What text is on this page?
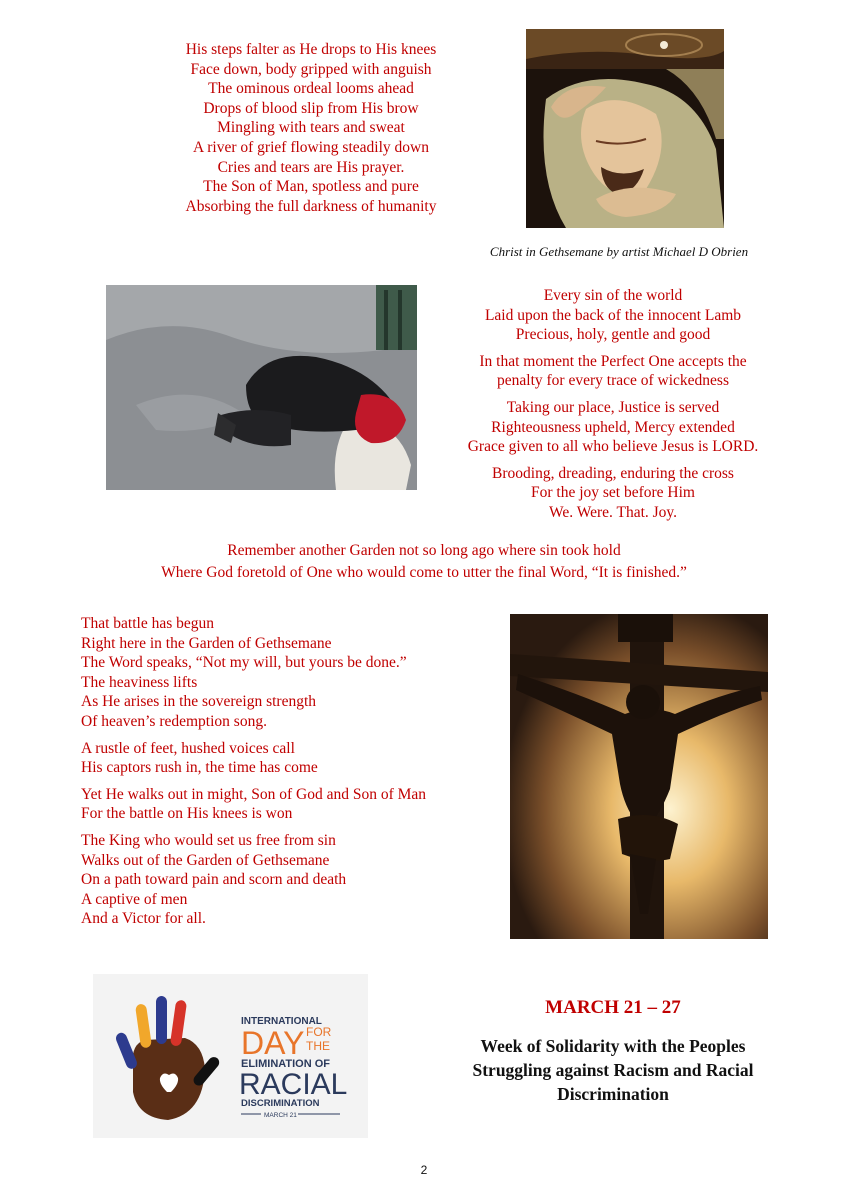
His steps falter as He drops to His knees

Face down, body gripped with anguish

The ominous ordeal looms ahead

Drops of blood slip from His brow

Mingling with tears and sweat

A river of grief flowing steadily down

Cries and tears are His prayer.

The Son of Man, spotless and pure

Absorbing the full darkness of humanity

Christ in Gethsemane by artist Michael D Obrien

Every sin of the world

Laid upon the back of the innocent Lamb

Precious, holy, gentle and good

In that moment the Perfect One accepts the

penalty for every trace of wickedness

Taking our place, Justice is served

Righteousness upheld, Mercy extended

Grace given to all who believe Jesus is LORD.

Brooding, dreading, enduring the cross

For the joy set before Him

We. Were. That. Joy.

Remember another Garden not so long ago where sin took hold

Where God foretold of One who would come to utter the final Word, “It is finished.”

That battle has begun

Right here in the Garden of Gethsemane

The Word speaks, “Not my will, but yours be done.”

The heaviness lifts

As He arises in the sovereign strength

Of heaven’s redemption song.

A rustle of feet, hushed voices call

His captors rush in, the time has come

Yet He walks out in might, Son of God and Son of Man

For the battle on His knees is won

The King who would set us free from sin

Walks out of the Garden of Gethsemane

On a path toward pain and scorn and death

A captive of men

And a Victor for all.

INTERNATIONAL
DAY FOR
THE
ELIMINATION OF
RACIAL
DISCRIMINATION
MARCH 21
MARCH 21 – 27
Week of Solidarity with the Peoples
Struggling against Racism and Racial
Discrimination
2
